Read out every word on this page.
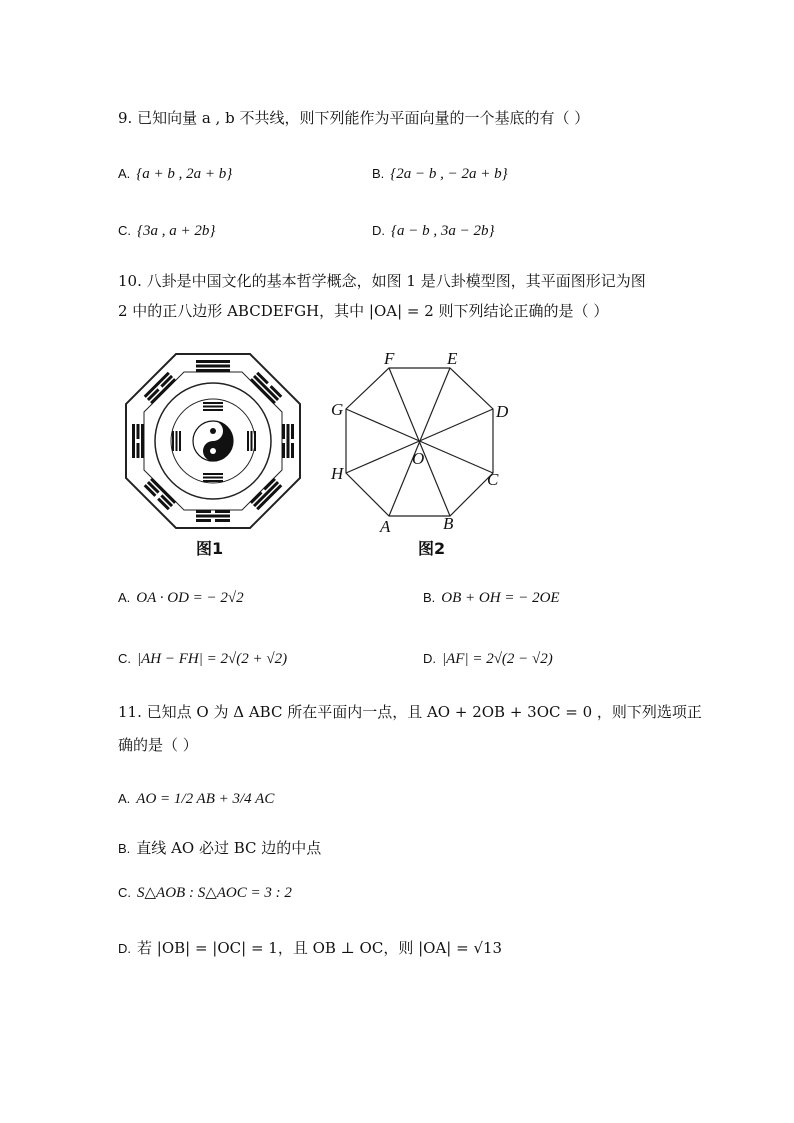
9. 已知向量 a , b 不共线，则下列能作为平面向量的一个基底的有（ ）
A. {a + b , 2a + b}	B. {2a − b , − 2a + b}
C. {3a , a + 2b}	D. {a − b , 3a − 2b}
10. 八卦是中国文化的基本哲学概念，如图 1 是八卦模型图，其平面图形记为图
2 中的正八边形 ABCDEFGH，其中 |OA| = 2 则下列结论正确的是（ ）
图1
F	E
G	D
H	C
A	B
O
图2
A. OA · OD = − 2√2	B. OB + OH = − 2OE
C. |AH − FH| = 2√(2 + √2)	D. |AF| = 2√(2 − √2)
11. 已知点 O 为 Δ ABC 所在平面内一点，且 AO + 2OB + 3OC = 0 ，则下列选项正
确的是（ ）
A. AO = 1/2 AB + 3/4 AC
B. 直线 AO 必过 BC 边的中点
C. S△AOB : S△AOC = 3 : 2
D. 若 |OB| = |OC| = 1，且 OB ⊥ OC，则 |OA| = √13
